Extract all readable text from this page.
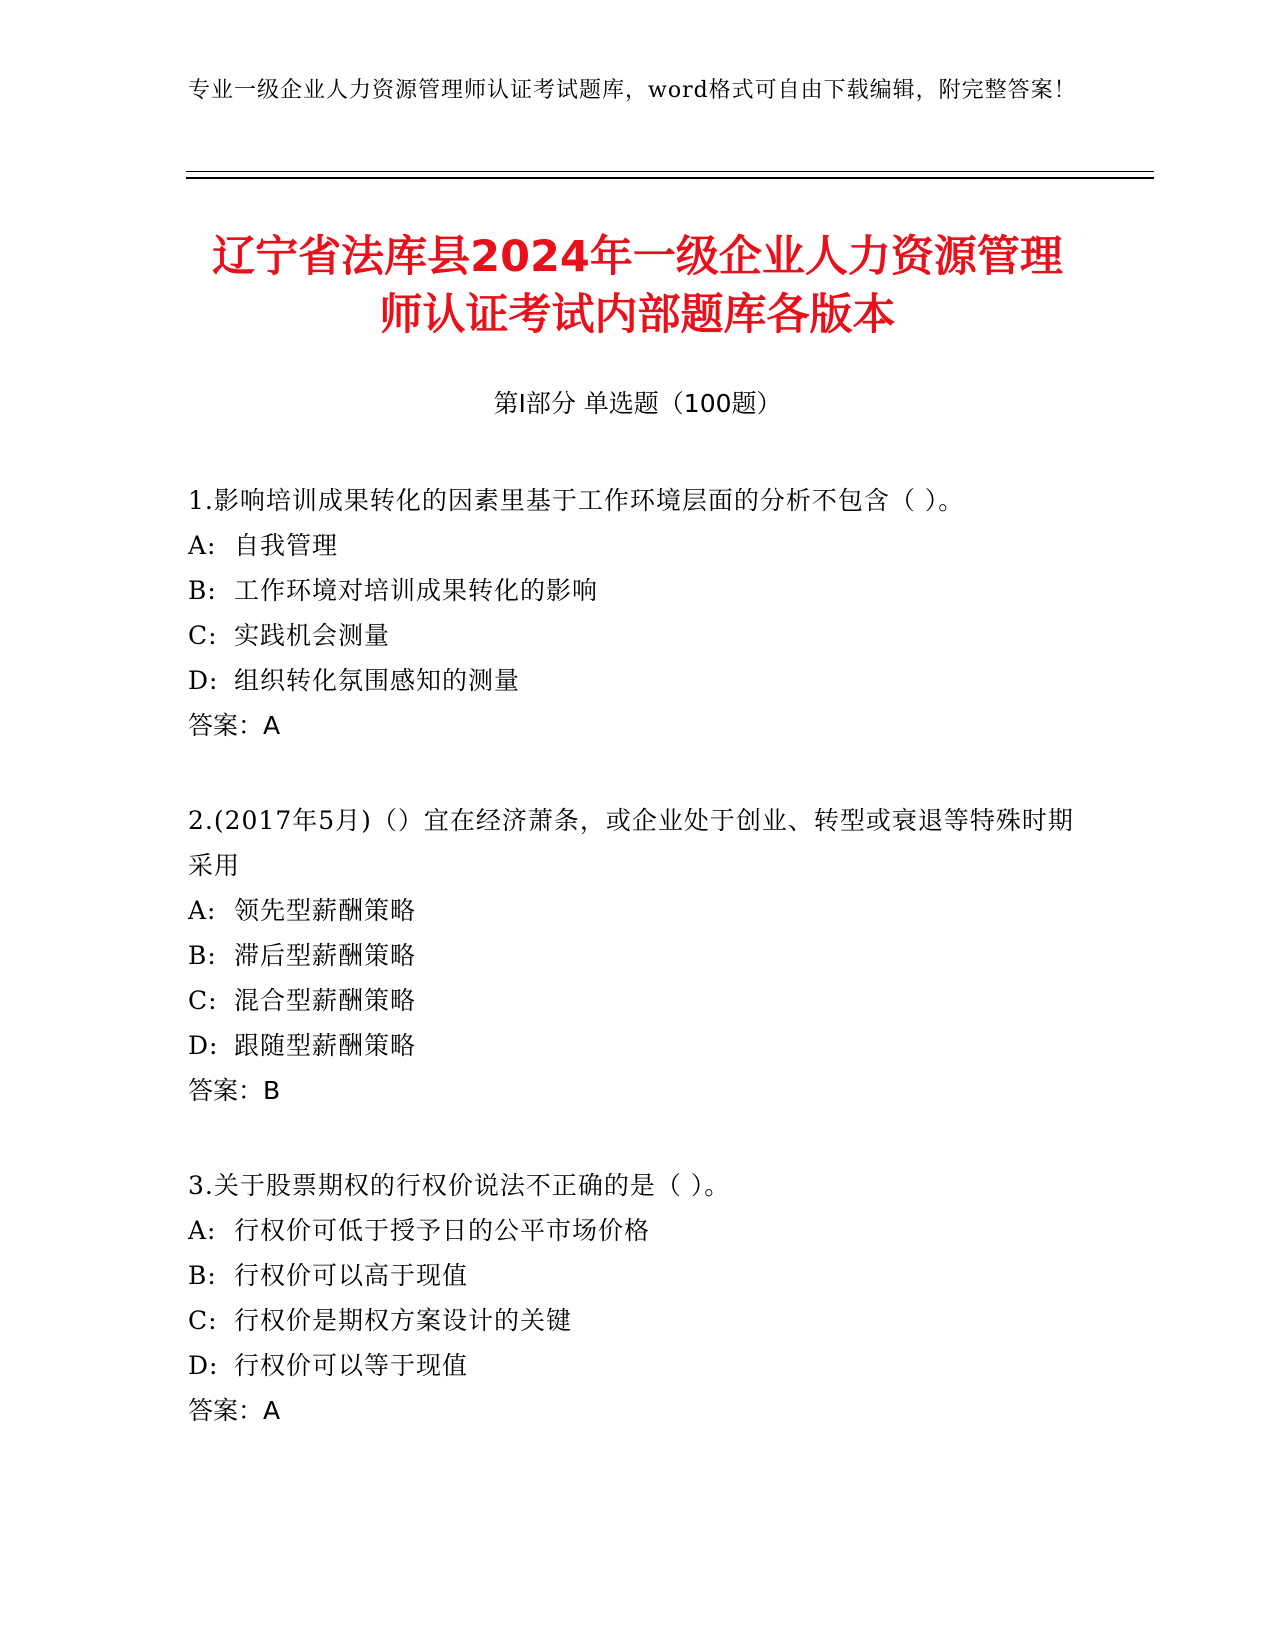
专业一级企业人力资源管理师认证考试题库，word格式可自由下载编辑，附完整答案！
辽宁省法库县2024年一级企业人力资源管理
师认证考试内部题库各版本
第Ⅰ部分 单选题（100题）
1.影响培训成果转化的因素里基于工作环境层面的分析不包含（ ）。
A: 自我管理
B: 工作环境对培训成果转化的影响
C: 实践机会测量
D: 组织转化氛围感知的测量
答案：A
2.(2017年5月)（）宜在经济萧条，或企业处于创业、转型或衰退等特殊时期采用
A: 领先型薪酬策略
B: 滞后型薪酬策略
C: 混合型薪酬策略
D: 跟随型薪酬策略
答案：B
3.关于股票期权的行权价说法不正确的是（ ）。
A: 行权价可低于授予日的公平市场价格
B: 行权价可以高于现值
C: 行权价是期权方案设计的关键
D: 行权价可以等于现值
答案：A
